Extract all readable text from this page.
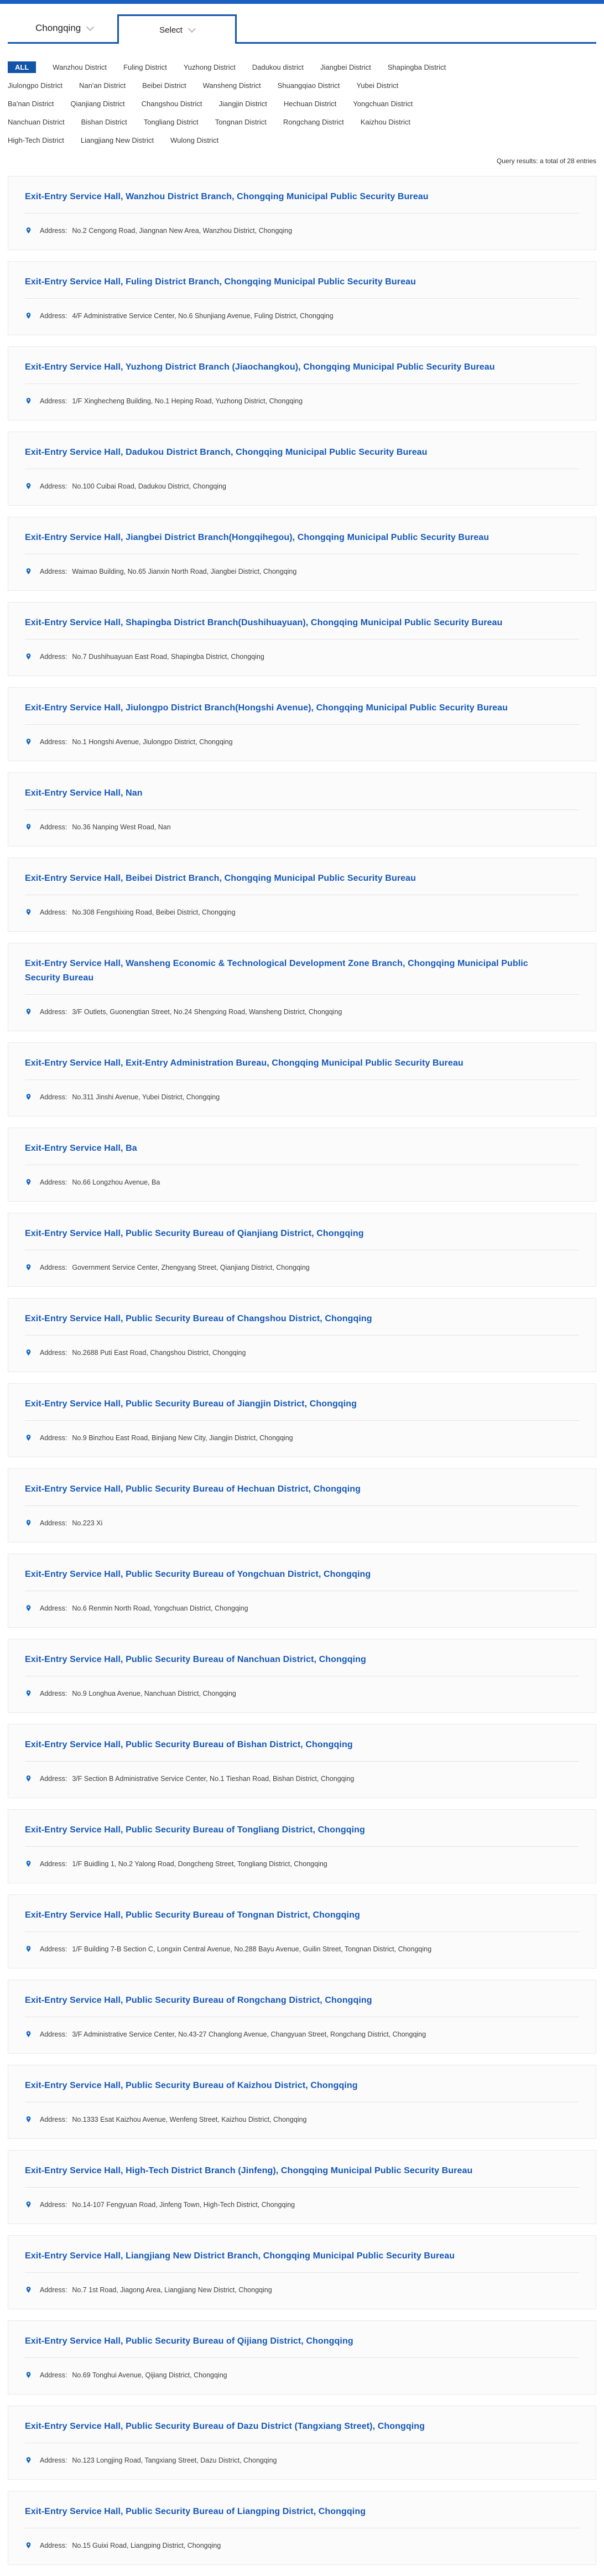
Chongqing	Select
ALL	Wanzhou District Fuling District Yuzhong District Dadukou district Jiangbei District Shapingba District
Jiulongpo District Nan'an District Beibei District Wansheng District Shuangqiao District Yubei District
Ba'nan District Qianjiang District Changshou District Jiangjin District Hechuan District Yongchuan District
Nanchuan District Bishan District Tongliang District Tongnan District Rongchang District Kaizhou District
High-Tech District Liangjiang New District Wulong District
Query results: a total of 28 entries
Exit-Entry Service Hall, Wanzhou District Branch, Chongqing Municipal Public Security Bureau
Address: No.2 Cengong Road, Jiangnan New Area, Wanzhou District, Chongqing
Exit-Entry Service Hall, Fuling District Branch, Chongqing Municipal Public Security Bureau
Address: 4/F Administrative Service Center, No.6 Shunjiang Avenue, Fuling District, Chongqing
Exit-Entry Service Hall, Yuzhong District Branch (Jiaochangkou), Chongqing Municipal Public Security Bureau
Address: 1/F Xinghecheng Building, No.1 Heping Road, Yuzhong District, Chongqing
Exit-Entry Service Hall, Dadukou District Branch, Chongqing Municipal Public Security Bureau
Address: No.100 Cuibai Road, Dadukou District, Chongqing
Exit-Entry Service Hall, Jiangbei District Branch(Hongqihegou), Chongqing Municipal Public Security Bureau
Address: Waimao Building, No.65 Jianxin North Road, Jiangbei District, Chongqing
Exit-Entry Service Hall, Shapingba District Branch(Dushihuayuan), Chongqing Municipal Public Security Bureau
Address: No.7 Dushihuayuan East Road, Shapingba District, Chongqing
Exit-Entry Service Hall, Jiulongpo District Branch(Hongshi Avenue), Chongqing Municipal Public Security Bureau
Address: No.1 Hongshi Avenue, Jiulongpo District, Chongqing
Exit-Entry Service Hall, Nan
Address: No.36 Nanping West Road, Nan
Exit-Entry Service Hall, Beibei District Branch, Chongqing Municipal Public Security Bureau
Address: No.308 Fengshixing Road, Beibei District, Chongqing
Exit-Entry Service Hall, Wansheng Economic & Technological Development Zone Branch, Chongqing Municipal Public Security Bureau
Address: 3/F Outlets, Guonengtian Street, No.24 Shengxing Road, Wansheng District, Chongqing
Exit-Entry Service Hall, Exit-Entry Administration Bureau, Chongqing Municipal Public Security Bureau
Address: No.311 Jinshi Avenue, Yubei District, Chongqing
Exit-Entry Service Hall, Ba
Address: No.66 Longzhou Avenue, Ba
Exit-Entry Service Hall, Public Security Bureau of Qianjiang District, Chongqing
Address: Government Service Center, Zhengyang Street, Qianjiang District, Chongqing
Exit-Entry Service Hall, Public Security Bureau of Changshou District, Chongqing
Address: No.2688 Puti East Road, Changshou District, Chongqing
Exit-Entry Service Hall, Public Security Bureau of Jiangjin District, Chongqing
Address: No.9 Binzhou East Road, Binjiang New City, Jiangjin District, Chongqing
Exit-Entry Service Hall, Public Security Bureau of Hechuan District, Chongqing
Address: No.223 Xi
Exit-Entry Service Hall, Public Security Bureau of Yongchuan District, Chongqing
Address: No.6 Renmin North Road, Yongchuan District, Chongqing
Exit-Entry Service Hall, Public Security Bureau of Nanchuan District, Chongqing
Address: No.9 Longhua Avenue, Nanchuan District, Chongqing
Exit-Entry Service Hall, Public Security Bureau of Bishan District, Chongqing
Address: 3/F Section B Administrative Service Center, No.1 Tieshan Road, Bishan District, Chongqing
Exit-Entry Service Hall, Public Security Bureau of Tongliang District, Chongqing
Address: 1/F Buidling 1, No.2 Yalong Road, Dongcheng Street, Tongliang District, Chongqing
Exit-Entry Service Hall, Public Security Bureau of Tongnan District, Chongqing
Address: 1/F Building 7-B Section C, Longxin Central Avenue, No.288 Bayu Avenue, Guilin Street, Tongnan District, Chongqing
Exit-Entry Service Hall, Public Security Bureau of Rongchang District, Chongqing
Address: 3/F Administrative Service Center, No.43-27 Changlong Avenue, Changyuan Street, Rongchang District, Chongqing
Exit-Entry Service Hall, Public Security Bureau of Kaizhou District, Chongqing
Address: No.1333 Esat Kaizhou Avenue, Wenfeng Street, Kaizhou District, Chongqing
Exit-Entry Service Hall, High-Tech District Branch (Jinfeng), Chongqing Municipal Public Security Bureau
Address: No.14-107 Fengyuan Road, Jinfeng Town, High-Tech District, Chongqing
Exit-Entry Service Hall, Liangjiang New District Branch, Chongqing Municipal Public Security Bureau
Address: No.7 1st Road, Jiagong Area, Liangjiang New District, Chongqing
Exit-Entry Service Hall, Public Security Bureau of Qijiang District, Chongqing
Address: No.69 Tonghui Avenue, Qijiang District, Chongqing
Exit-Entry Service Hall, Public Security Bureau of Dazu District (Tangxiang Street), Chongqing
Address: No.123 Longjing Road, Tangxiang Street, Dazu District, Chongqing
Exit-Entry Service Hall, Public Security Bureau of Liangping District, Chongqing
Address: No.15 Guixi Road, Liangping District, Chongqing
